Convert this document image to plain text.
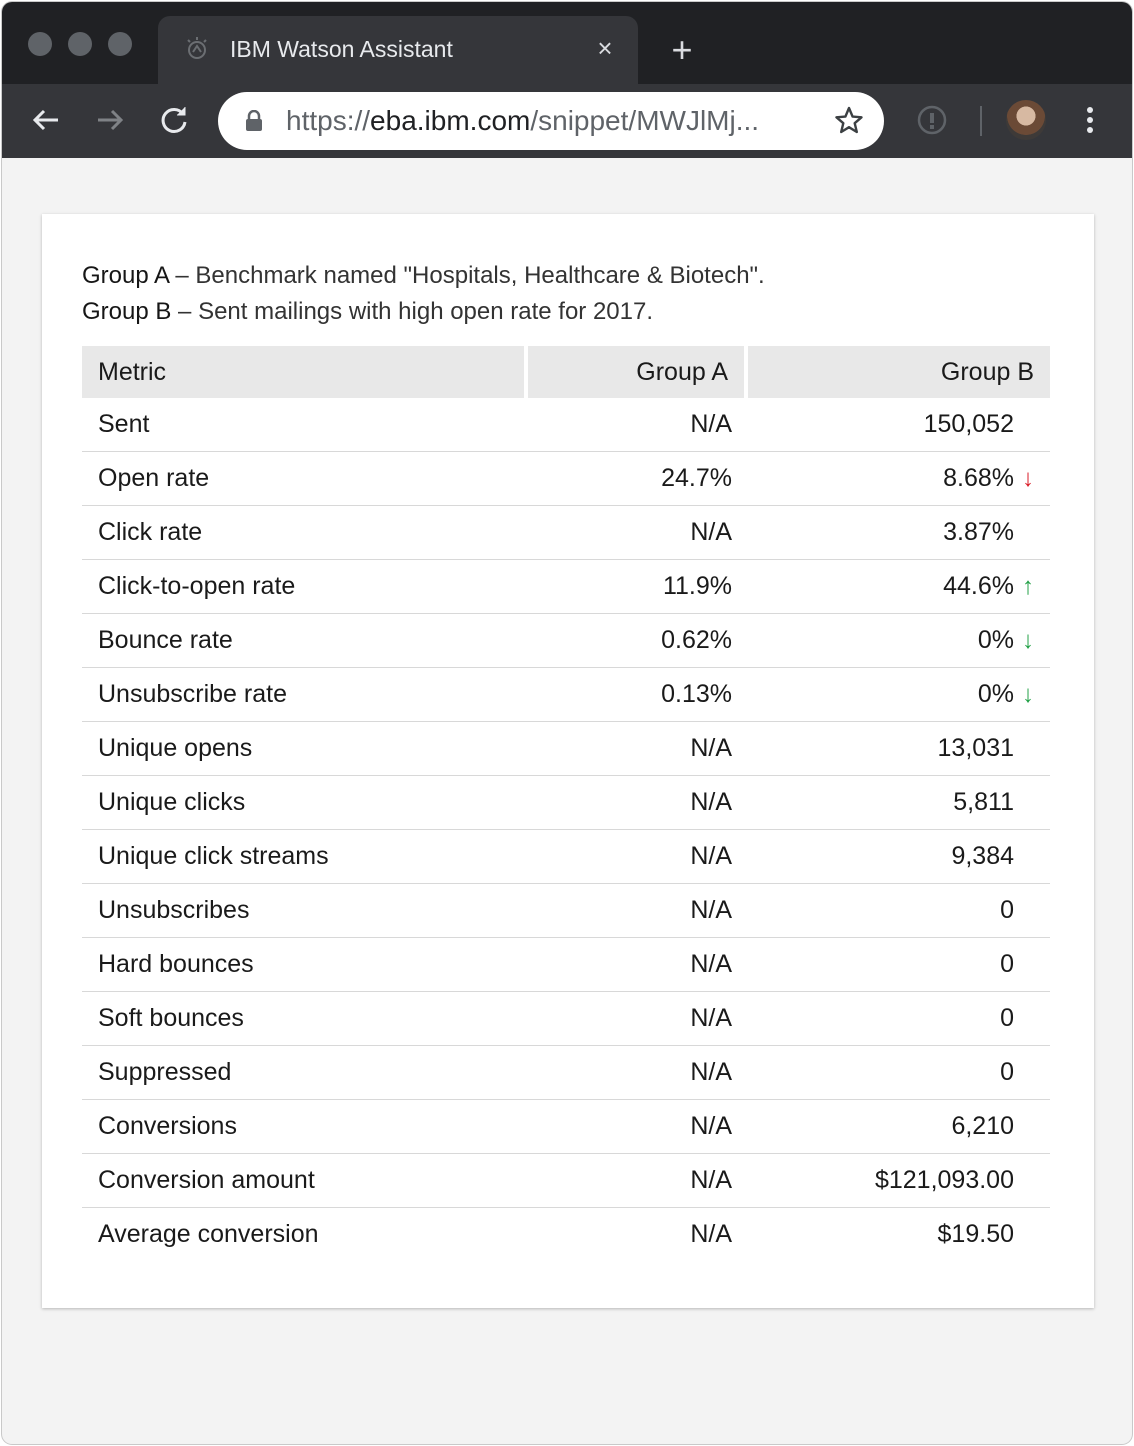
IBM Watson Assistant	× +
https://eba.ibm.com/snippet/MWJlMj...
Group A – Benchmark named "Hospitals, Healthcare & Biotech".
Group B – Sent mailings with high open rate for 2017.
Metric	Group A	Group B
Sent	N/A	150,052
Open rate	24.7%	8.68% ↓
Click rate	N/A	3.87%
Click-to-open rate	11.9%	44.6% ↑
Bounce rate	0.62%	0% ↓
Unsubscribe rate	0.13%	0% ↓
Unique opens	N/A	13,031
Unique clicks	N/A	5,811
Unique click streams	N/A	9,384
Unsubscribes	N/A	0
Hard bounces	N/A	0
Soft bounces	N/A	0
Suppressed	N/A	0
Conversions	N/A	6,210
Conversion amount	N/A	$121,093.00
Average conversion	N/A	$19.50
